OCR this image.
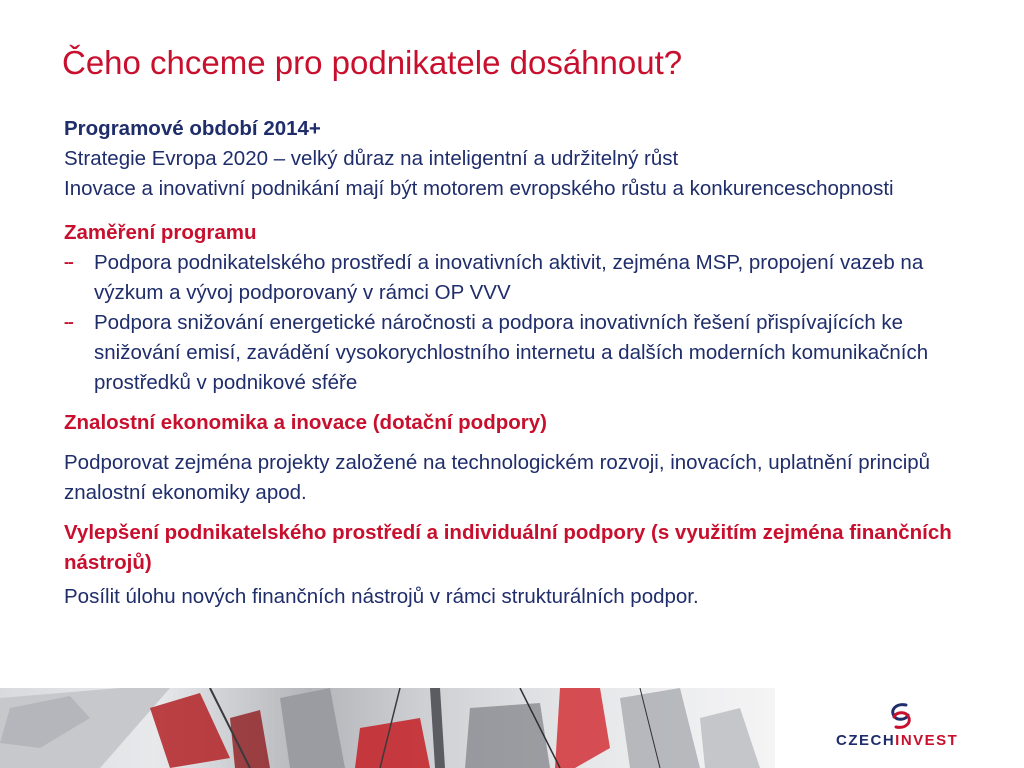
Čeho chceme pro podnikatele dosáhnout?
Programové období 2014+
Strategie Evropa 2020 – velký důraz na inteligentní a udržitelný růst
Inovace a inovativní podnikání mají být motorem evropského růstu a konkurenceschopnosti
Zaměření programu
-- Podpora podnikatelského prostředí a inovativních aktivit, zejména MSP, propojení vazeb na výzkum a vývoj podporovaný v rámci OP VVV
-- Podpora snižování energetické náročnosti a podpora inovativních řešení přispívajících ke snižování emisí, zavádění vysokorychlostního internetu a dalších moderních komunikačních prostředků v podnikové sféře
Znalostní ekonomika a inovace (dotační podpory)
Podporovat zejména projekty založené na technologickém rozvoji, inovacích, uplatnění principů znalostní ekonomiky apod.
Vylepšení podnikatelského prostředí a individuální podpory (s využitím zejména finančních nástrojů)
Posílit úlohu nových finančních nástrojů v rámci strukturálních podpor.
CZECHINVEST
